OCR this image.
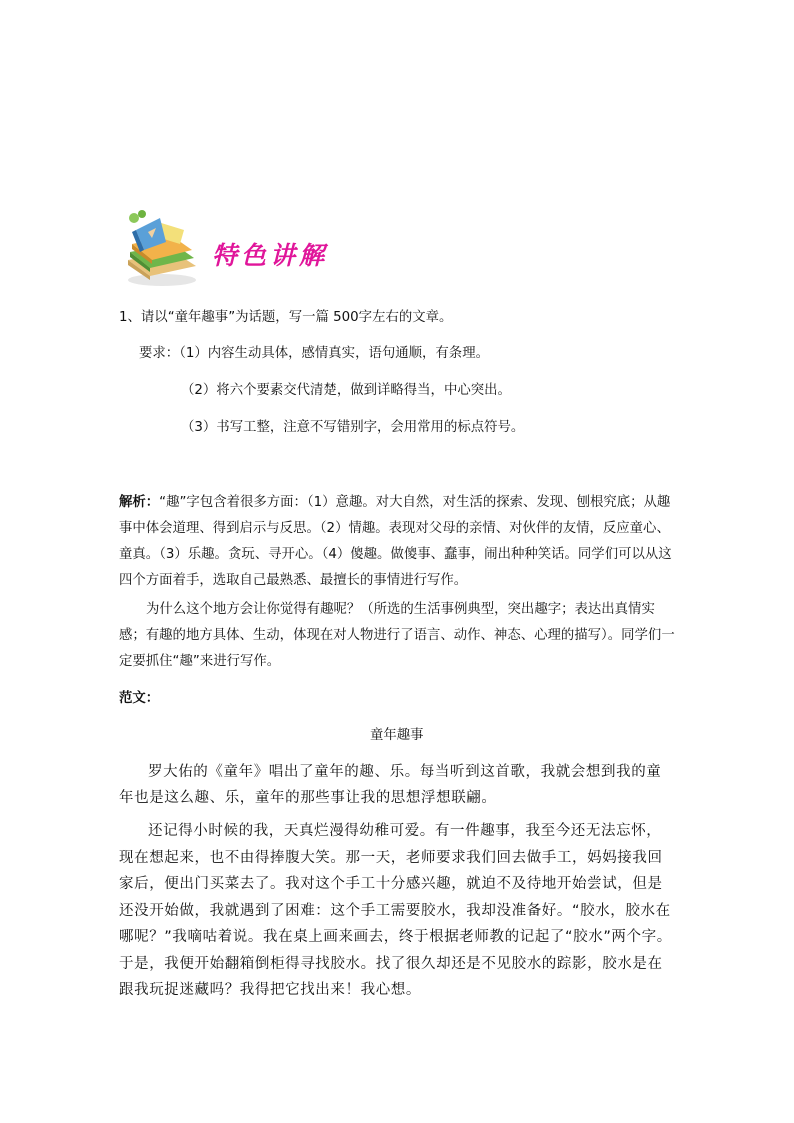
特色讲解
1、请以“童年趣事”为话题，写一篇 500字左右的文章。
要求：（1）内容生动具体，感情真实，语句通顺，有条理。
（2）将六个要素交代清楚，做到详略得当，中心突出。
（3）书写工整，注意不写错别字，会用常用的标点符号。

解析：“趣”字包含着很多方面：（1）意趣。对大自然，对生活的探索、发现、刨根究底；从趣事中体会道理、得到启示与反思。（2）情趣。表现对父母的亲情、对伙伴的友情，反应童心、童真。（3）乐趣。贪玩、寻开心。（4）傻趣。做傻事、蠢事，闹出种种笑话。同学们可以从这四个方面着手，选取自己最熟悉、最擅长的事情进行写作。

为什么这个地方会让你觉得有趣呢？（所选的生活事例典型，突出趣字；表达出真情实感；有趣的地方具体、生动，体现在对人物进行了语言、动作、神态、心理的描写）。同学们一定要抓住“趣”来进行写作。
范文：
童年趣事
罗大佑的《童年》唱出了童年的趣、乐。每当听到这首歌，我就会想到我的童年也是这么趣、乐，童年的那些事让我的思想浮想联翩。
还记得小时候的我，天真烂漫得幼稚可爱。有一件趣事，我至今还无法忘怀，现在想起来，也不由得捧腹大笑。那一天，老师要求我们回去做手工，妈妈接我回家后，便出门买菜去了。我对这个手工十分感兴趣，就迫不及待地开始尝试，但是还没开始做，我就遇到了困难：这个手工需要胶水，我却没准备好。“胶水，胶水在哪呢？”我嘀咕着说。我在桌上画来画去，终于根据老师教的记起了“胶水”两个字。于是，我便开始翻箱倒柜得寻找胶水。找了很久却还是不见胶水的踪影，胶水是在跟我玩捉迷藏吗？我得把它找出来！我心想。
